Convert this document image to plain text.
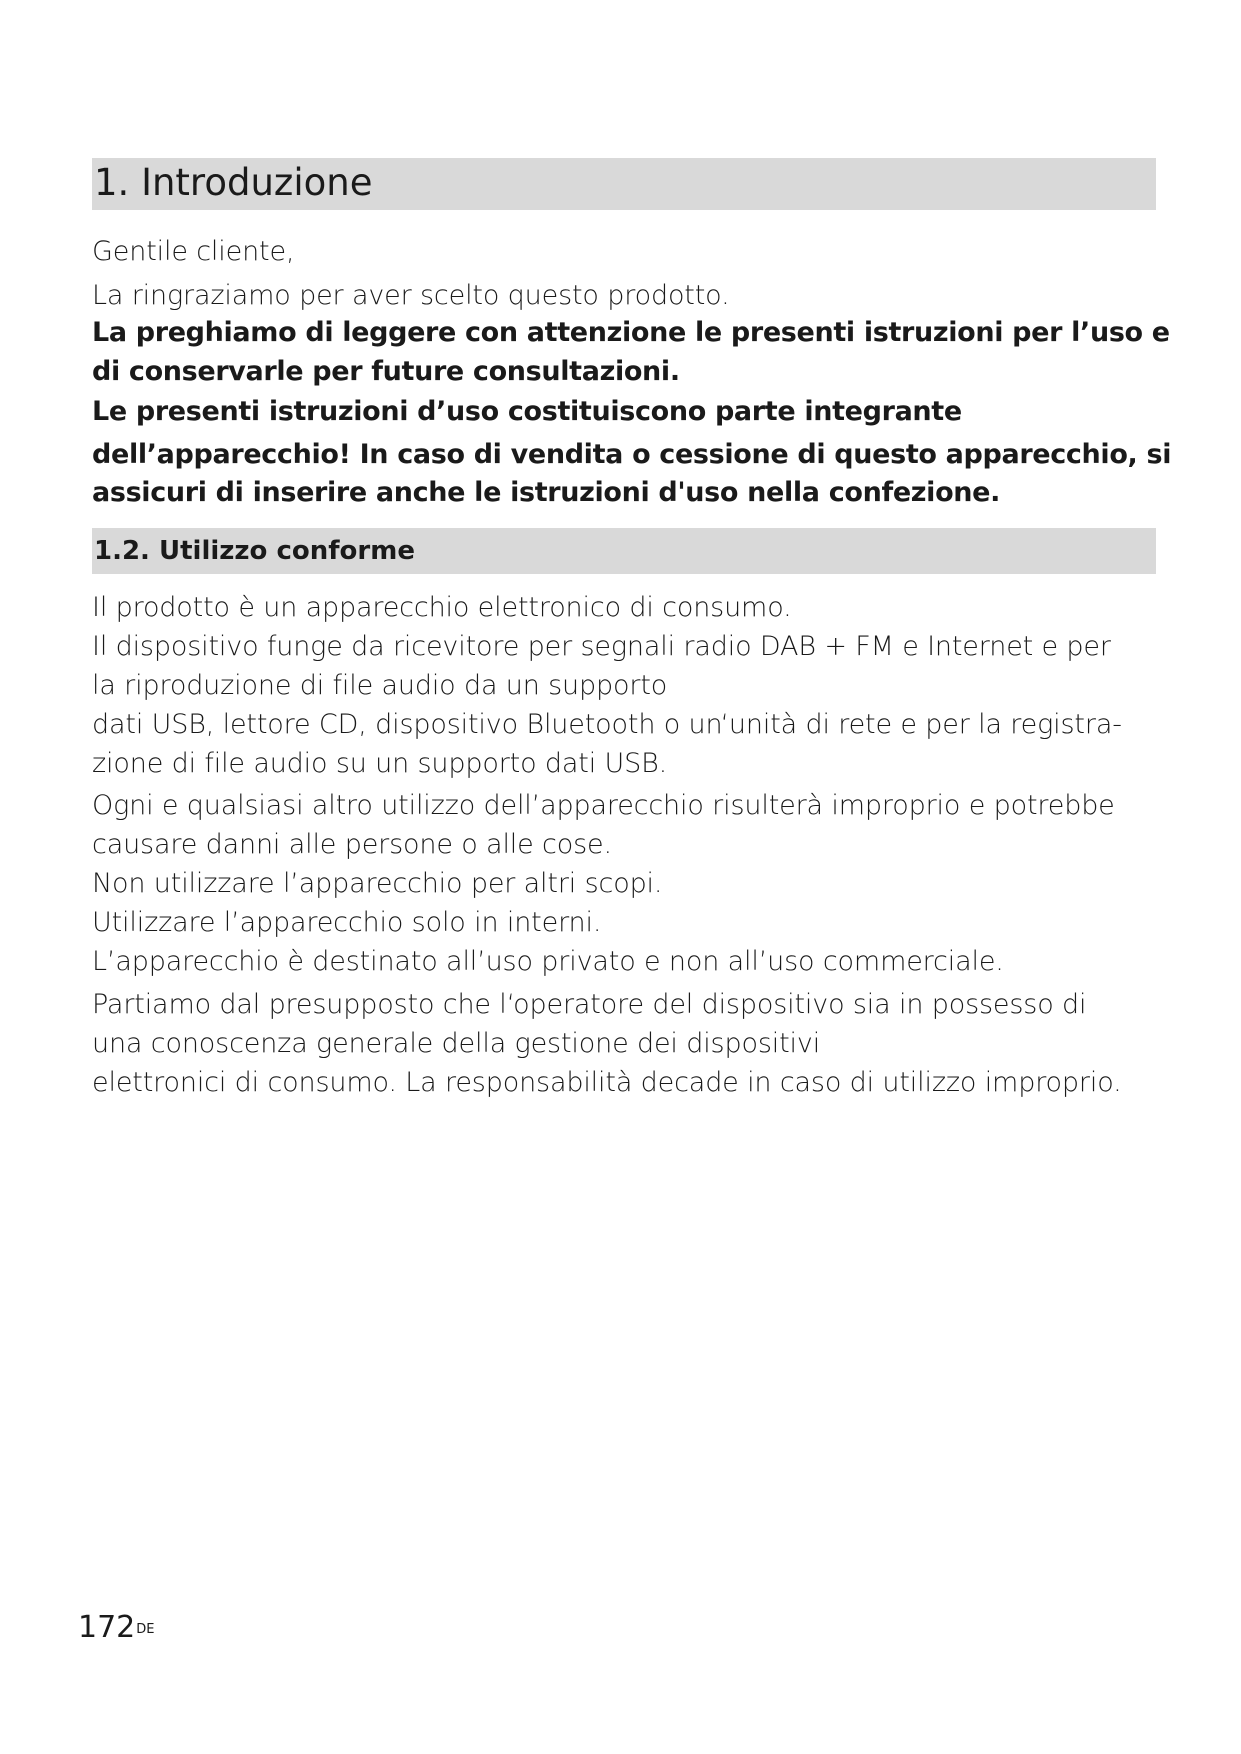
1. Introduzione
Gentile cliente,
La ringraziamo per aver scelto questo prodotto.
La preghiamo di leggere con attenzione le presenti istruzioni per l’uso e
di conservarle per future consultazioni.
Le presenti istruzioni d’uso costituiscono parte integrante
dell’apparecchio! In caso di vendita o cessione di questo apparecchio, si
assicuri di inserire anche le istruzioni d'uso nella confezione.
1.2. Utilizzo conforme
Il prodotto è un apparecchio elettronico di consumo.
Il dispositivo funge da ricevitore per segnali radio DAB + FM e Internet e per
la riproduzione di file audio da un supporto
dati USB, lettore CD, dispositivo Bluetooth o un‘unità di rete e per la registra-
zione di file audio su un supporto dati USB.
Ogni e qualsiasi altro utilizzo dell’apparecchio risulterà improprio e potrebbe
causare danni alle persone o alle cose.
Non utilizzare l’apparecchio per altri scopi.
Utilizzare l’apparecchio solo in interni.
L’apparecchio è destinato all’uso privato e non all’uso commerciale.
Partiamo dal presupposto che l‘operatore del dispositivo sia in possesso di
una conoscenza generale della gestione dei dispositivi
elettronici di consumo. La responsabilità decade in caso di utilizzo improprio.
172DE
